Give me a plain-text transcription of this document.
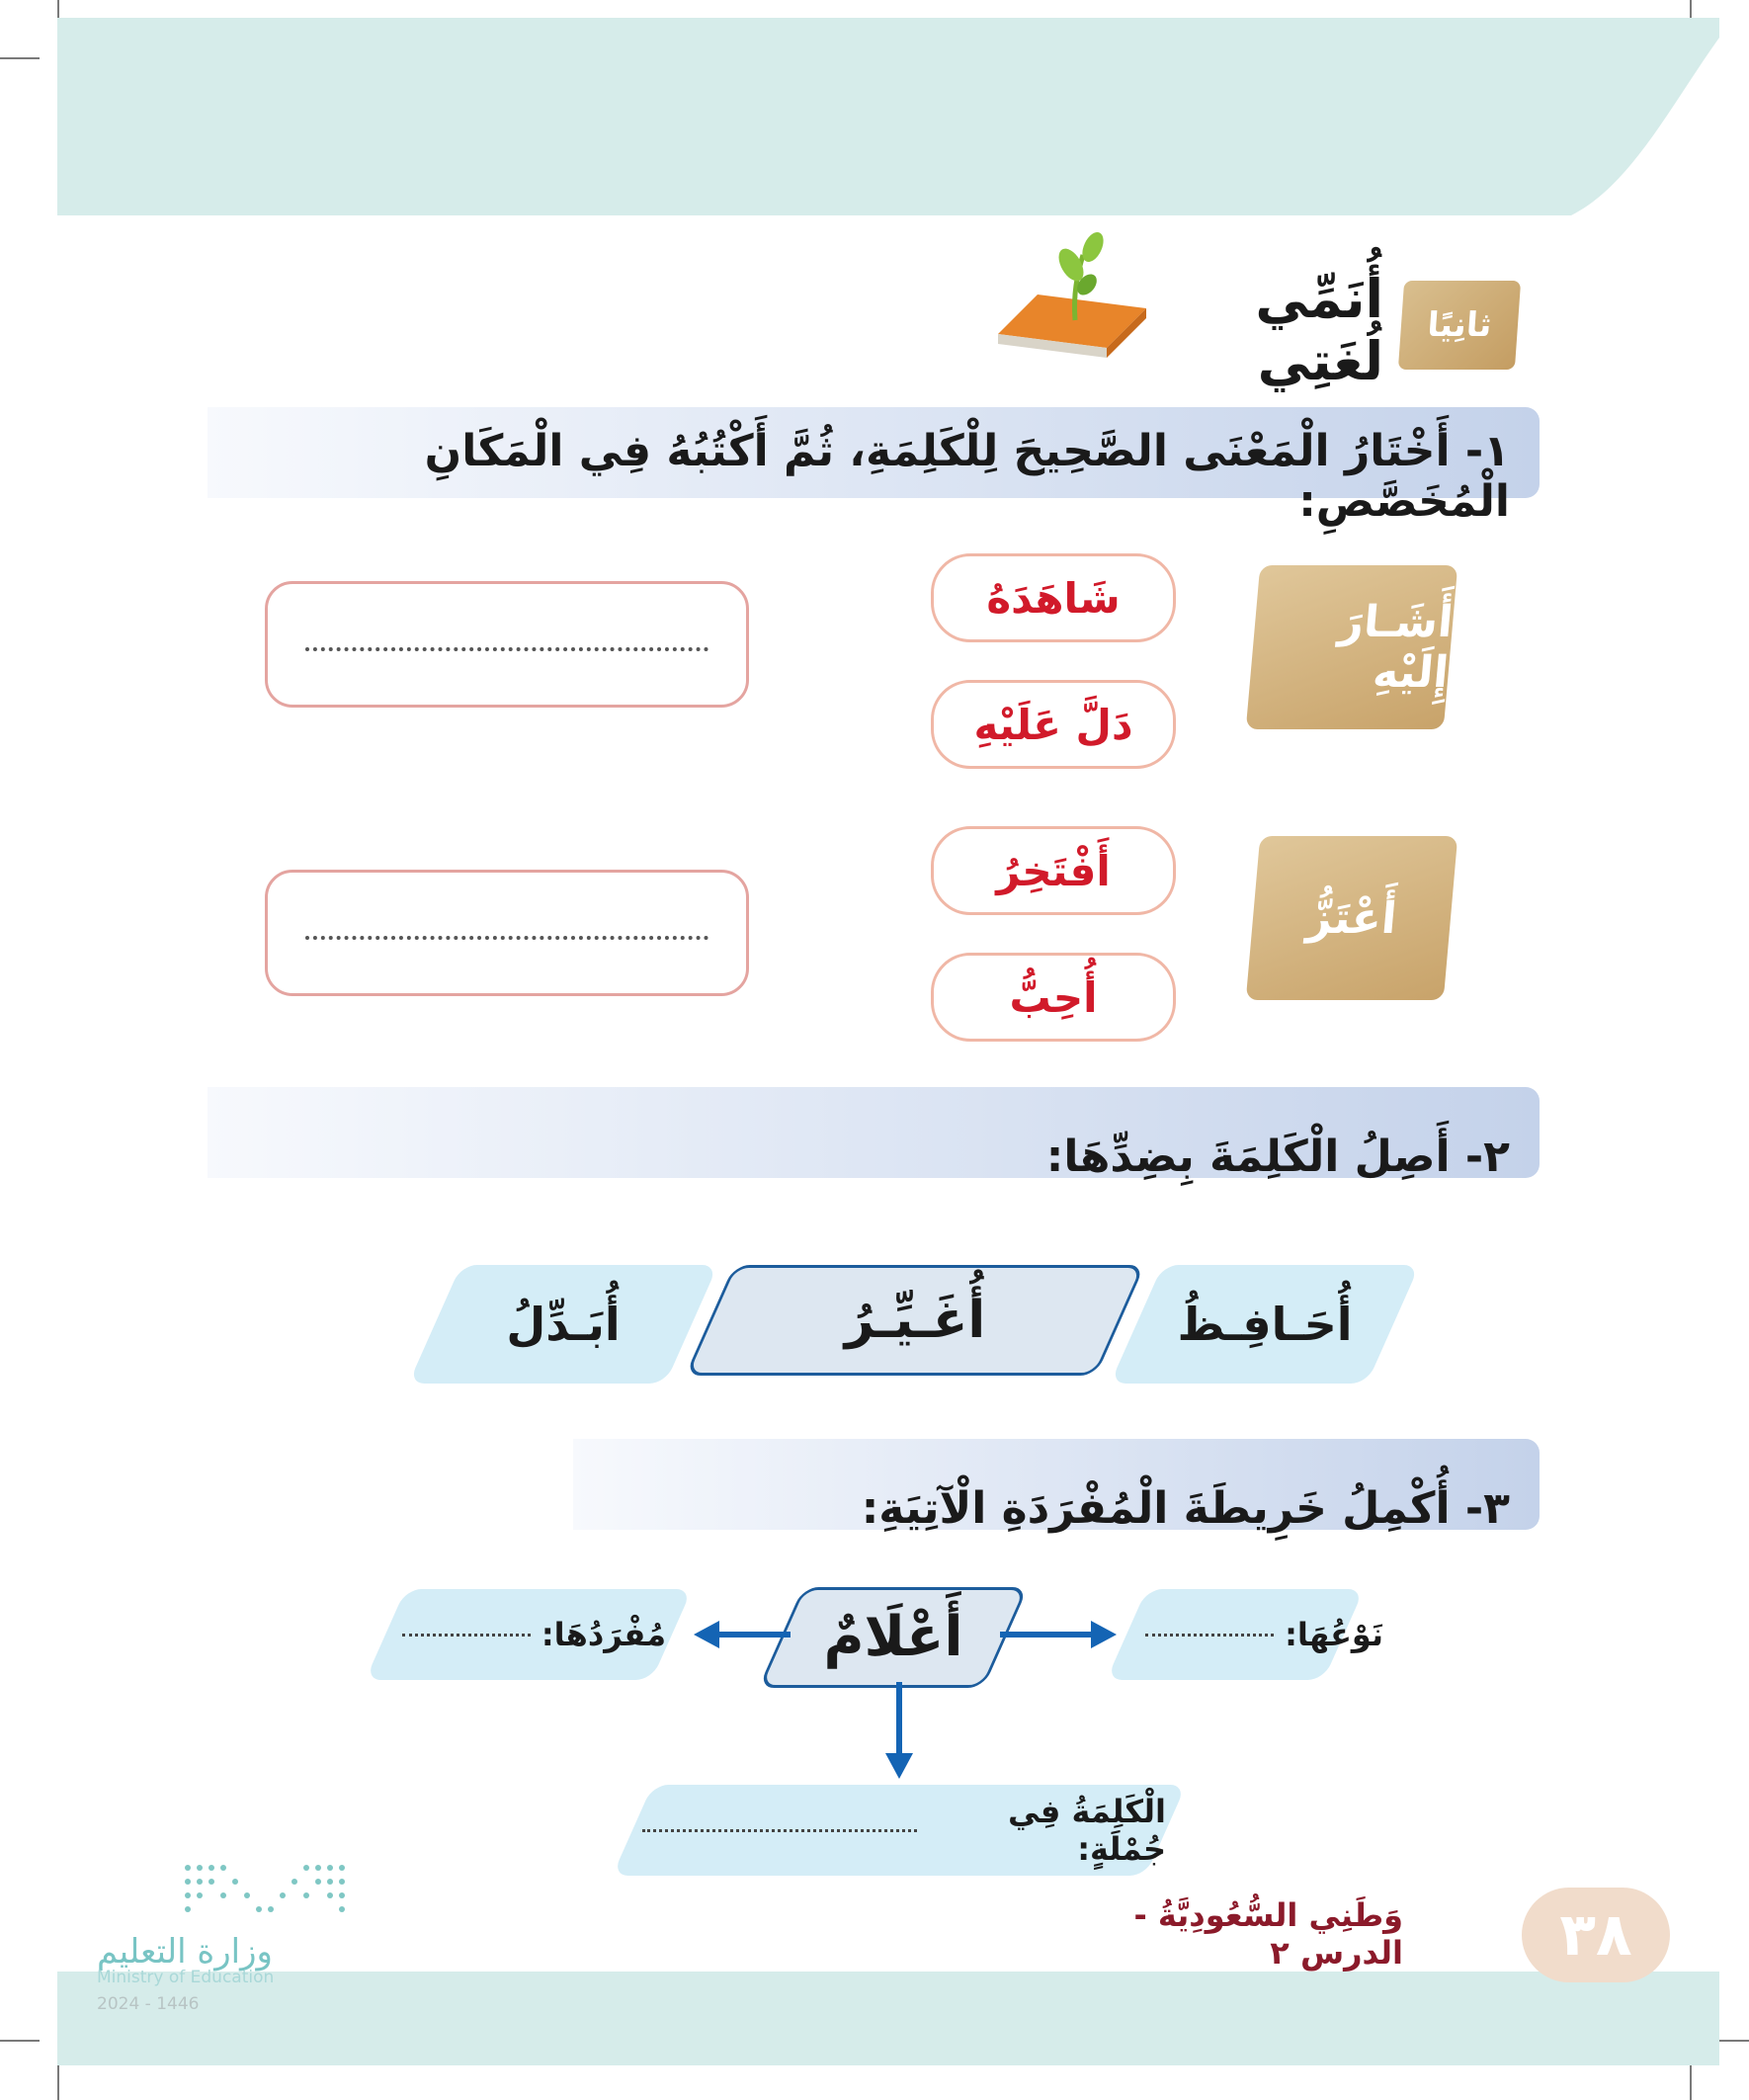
ثانِيًا
أُنَمِّي لُغَتِي
١- أَخْتَارُ الْمَعْنَى الصَّحِيحَ لِلْكَلِمَةِ، ثُمَّ أَكْتُبُهُ فِي الْمَكَانِ الْمُخَصَّصِ:
أَشَـارَ إِلَيْهِ
شَاهَدَهُ
دَلَّ عَلَيْهِ
أَعْتَزُّ
أَفْتَخِرُ
أُحِبُّ
٢- أَصِلُ الْكَلِمَةَ بِضِدِّهَا:
أُحَـافِـظُ
أُغَـيِّـرُ
أُبَـدِّلُ
٣- أُكْمِلُ خَرِيطَةَ الْمُفْرَدَةِ الْآتِيَةِ:
نَوْعُهَا:

أَعْلَامٌ
مُفْرَدُهَا:

الْكَلِمَةُ فِي جُمْلَةٍ:

٣٨
وَطَنِي السُّعُودِيَّةُ - الدرس ٢
وزارة التعليم
Ministry of Education
2024 - 1446
